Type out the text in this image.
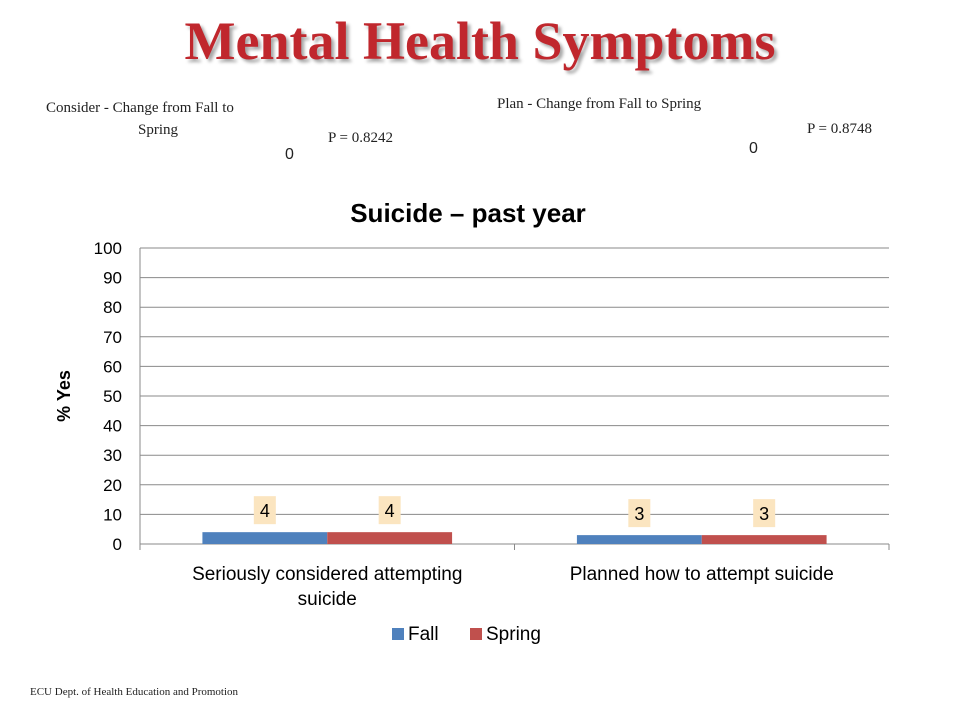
Mental Health Symptoms
Consider - Change from Fall to
Spring
0
P = 0.8242
Plan - Change from Fall to Spring
0
P = 0.8748
Suicide – past year
0
10
20
30
40
50
60
70
80
90
100
% Yes
4	3
4	3
Seriously considered attempting
suicide
Planned how to attempt suicide
Fall Spring
ECU Dept. of Health Education and Promotion
